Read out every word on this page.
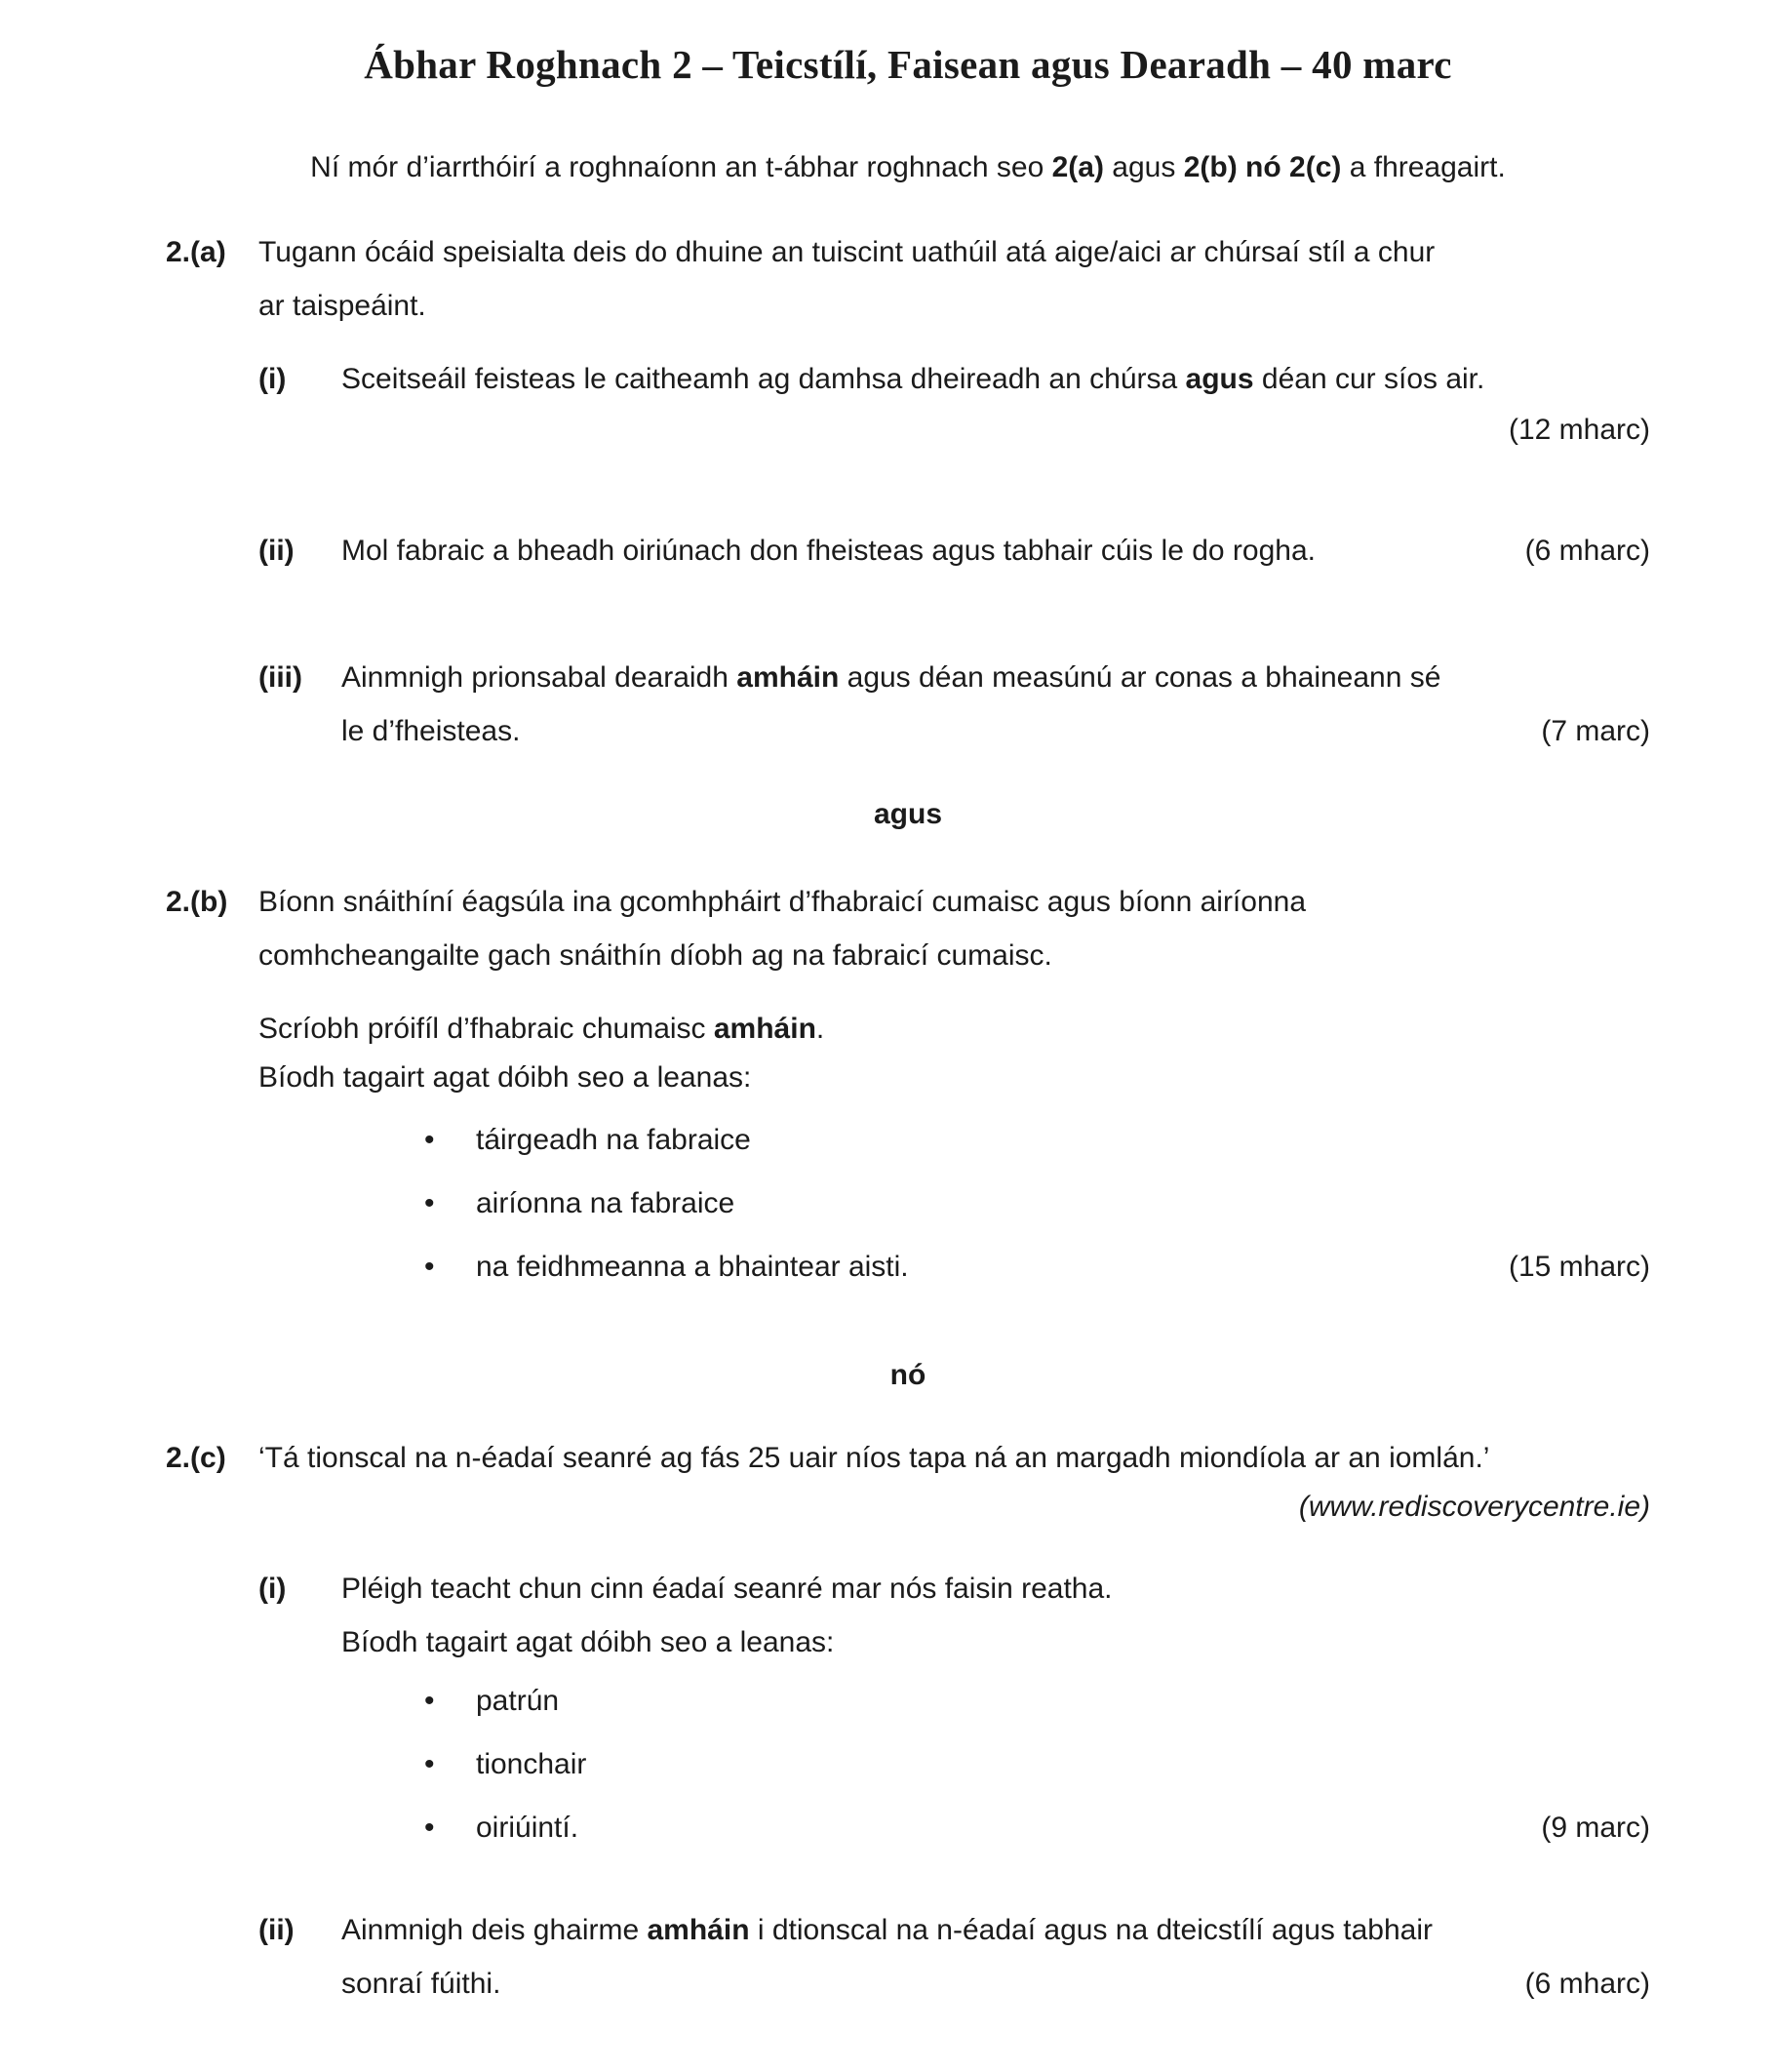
Ábhar Roghnach 2 – Teicstílí, Faisean agus Dearadh – 40 marc
Ní mór d’iarrthóirí a roghnaíonn an t-ábhar roghnach seo 2(a) agus 2(b) nó 2(c) a fhreagairt.
2.(a) Tugann ócáid speisialta deis do dhuine an tuiscint uathúil atá aige/aici ar chúrsaí stíl a chur
ar taispeáint.
(i) Sceitseáil feisteas le caitheamh ag damhsa dheireadh an chúrsa agus déan cur síos air.
(12 mharc)
(ii) Mol fabraic a bheadh oiriúnach don fheisteas agus tabhair cúis le do rogha.	(6 mharc)
(iii) Ainmnigh prionsabal dearaidh amháin agus déan measúnú ar conas a bhaineann sé
le d’fheisteas.	(7 marc)
agus
2.(b) Bíonn snáithíní éagsúla ina gcomhpháirt d’fhabraicí cumaisc agus bíonn airíonna
comhcheangailte gach snáithín díobh ag na fabraicí cumaisc.
Scríobh próifíl d’fhabraic chumaisc amháin.
Bíodh tagairt agat dóibh seo a leanas:
• táirgeadh na fabraice
• airíonna na fabraice
• na feidhmeanna a bhaintear aisti.	(15 mharc)
nó
2.(c) ‘Tá tionscal na n-éadaí seanré ag fás 25 uair níos tapa ná an margadh miondíola ar an iomlán.’
(www.rediscoverycentre.ie)
(i) Pléigh teacht chun cinn éadaí seanré mar nós faisin reatha.
Bíodh tagairt agat dóibh seo a leanas:
• patrún
• tionchair
• oiriúintí.	(9 marc)
(ii) Ainmnigh deis ghairme amháin i dtionscal na n-éadaí agus na dteicstílí agus tabhair
sonraí fúithi.	(6 mharc)
